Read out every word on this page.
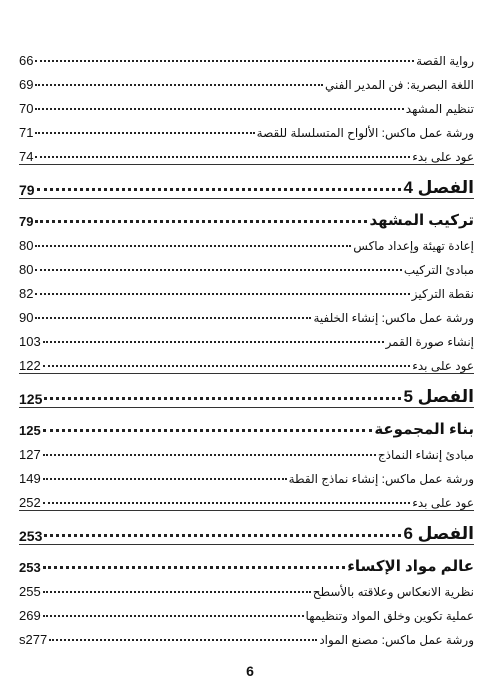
رواية القصة
66
اللغة البصرية: فن المدير الفني
69
تنظيم المشهد
70
ورشة عمل ماكس: الألواح المتسلسلة للقصة
71
عود على بدء
74
الفصل 4
79
تركيب المشهد
79
إعادة تهيئة وإعداد ماكس
80
مبادئ التركيب
80
نقطة التركيز
82
ورشة عمل ماكس: إنشاء الخلفية
90
إنشاء صورة القمر
103
عود على بدء
122
الفصل 5
125
بناء المجموعة
125
مبادئ إنشاء النماذج
127
ورشة عمل ماكس: إنشاء نماذج القطة
149
عود على بدء
252
الفصل 6
253
عالم مواد الإكساء
253
نظرية الانعكاس وعلاقته بالأسطح
255
عملية تكوين وخلق المواد وتنظيمها
269
ورشة عمل ماكس: مصنع المواد
s277
6
